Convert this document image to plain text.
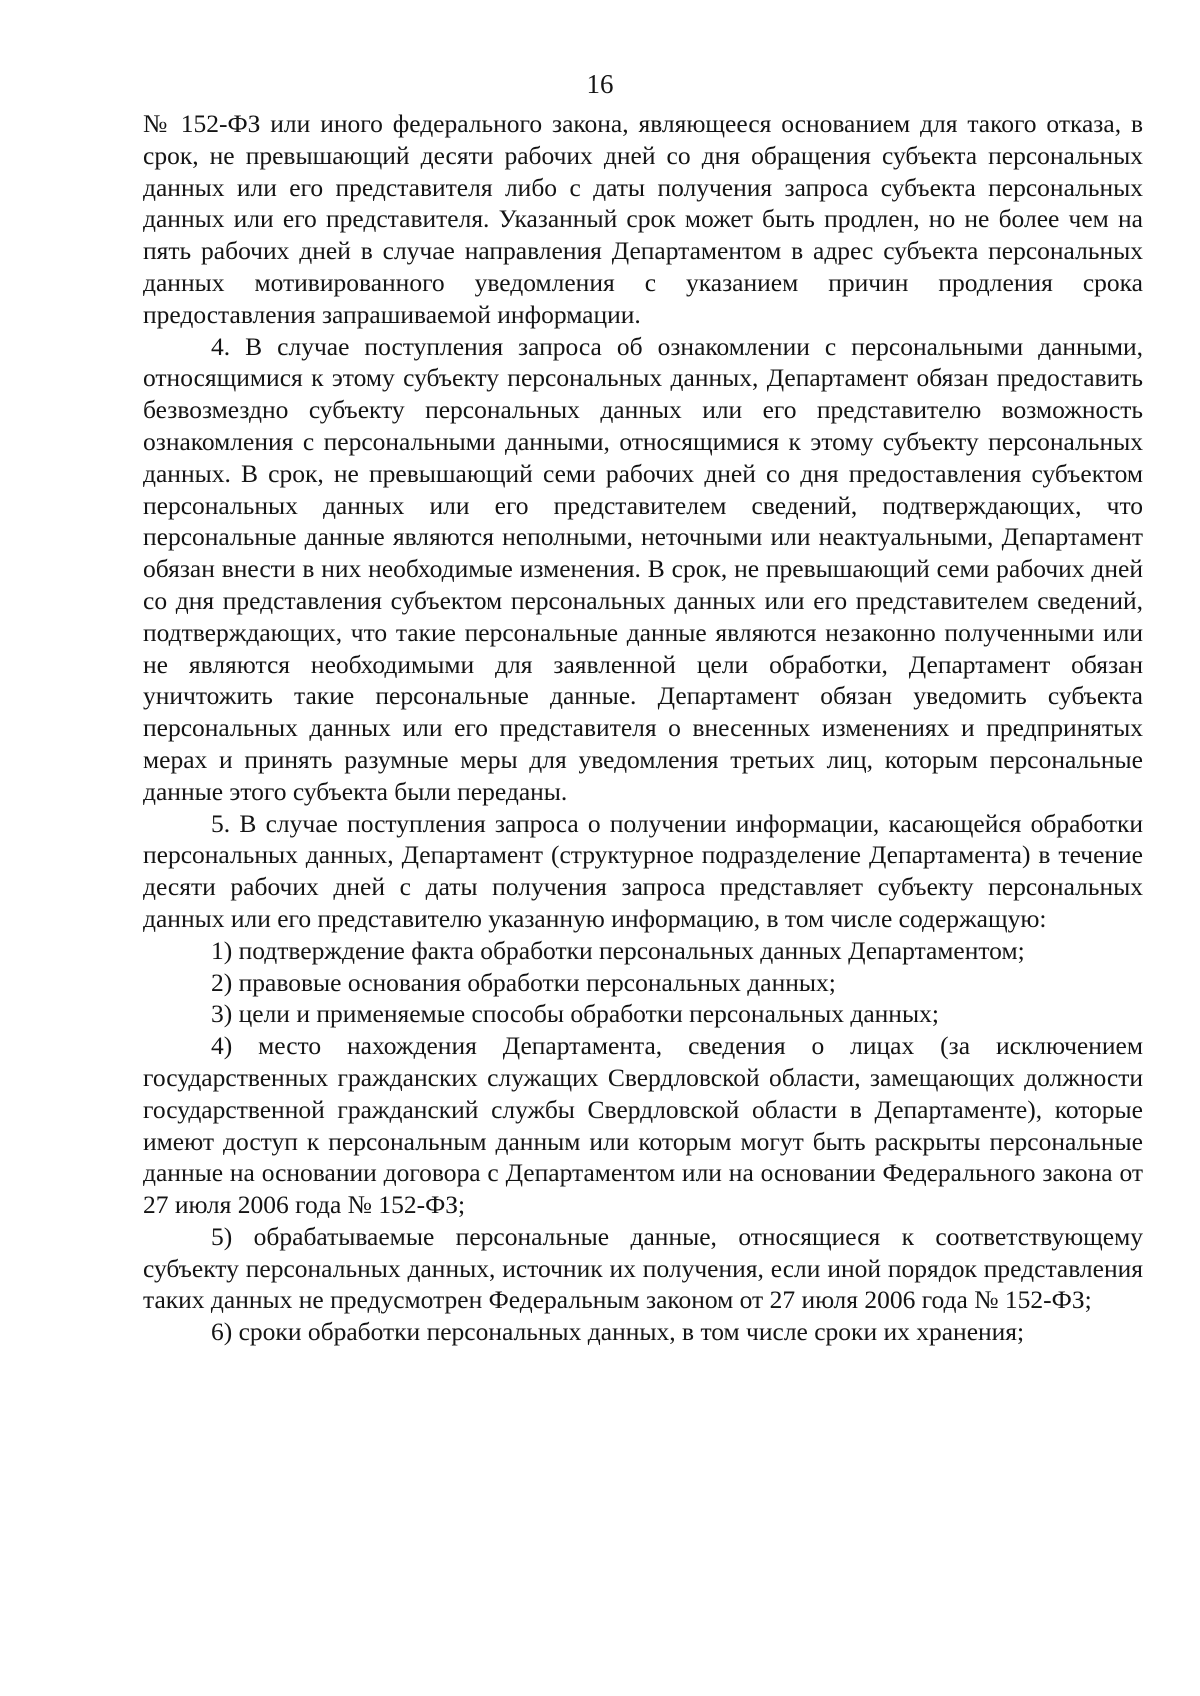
16

№ 152-ФЗ или иного федерального закона, являющееся основанием для такого отказа, в срок, не превышающий десяти рабочих дней со дня обращения субъекта персональных данных или его представителя либо с даты получения запроса субъекта персональных данных или его представителя. Указанный срок может быть продлен, но не более чем на пять рабочих дней в случае направления Департаментом в адрес субъекта персональных данных мотивированного уведомления с указанием причин продления срока предоставления запрашиваемой информации.

4. В случае поступления запроса об ознакомлении с персональными данными, относящимися к этому субъекту персональных данных, Департамент обязан предоставить безвозмездно субъекту персональных данных или его представителю возможность ознакомления с персональными данными, относящимися к этому субъекту персональных данных. В срок, не превышающий семи рабочих дней со дня предоставления субъектом персональных данных или его представителем сведений, подтверждающих, что персональные данные являются неполными, неточными или неактуальными, Департамент обязан внести в них необходимые изменения. В срок, не превышающий семи рабочих дней со дня представления субъектом персональных данных или его представителем сведений, подтверждающих, что такие персональные данные являются незаконно полученными или не являются необходимыми для заявленной цели обработки, Департамент обязан уничтожить такие персональные данные. Департамент обязан уведомить субъекта персональных данных или его представителя о внесенных изменениях и предпринятых мерах и принять разумные меры для уведомления третьих лиц, которым персональные данные этого субъекта были переданы.

5. В случае поступления запроса о получении информации, касающейся обработки персональных данных, Департамент (структурное подразделение Департамента) в течение десяти рабочих дней с даты получения запроса представляет субъекту персональных данных или его представителю указанную информацию, в том числе содержащую:

1) подтверждение факта обработки персональных данных Департаментом;

2) правовые основания обработки персональных данных;

3) цели и применяемые способы обработки персональных данных;

4) место нахождения Департамента, сведения о лицах (за исключением государственных гражданских служащих Свердловской области, замещающих должности государственной гражданский службы Свердловской области в Департаменте), которые имеют доступ к персональным данным или которым могут быть раскрыты персональные данные на основании договора с Департаментом или на основании Федерального закона от 27 июля 2006 года № 152-ФЗ;

5) обрабатываемые персональные данные, относящиеся к соответствующему субъекту персональных данных, источник их получения, если иной порядок представления таких данных не предусмотрен Федеральным законом от 27 июля 2006 года № 152-ФЗ;

6) сроки обработки персональных данных, в том числе сроки их хранения;
